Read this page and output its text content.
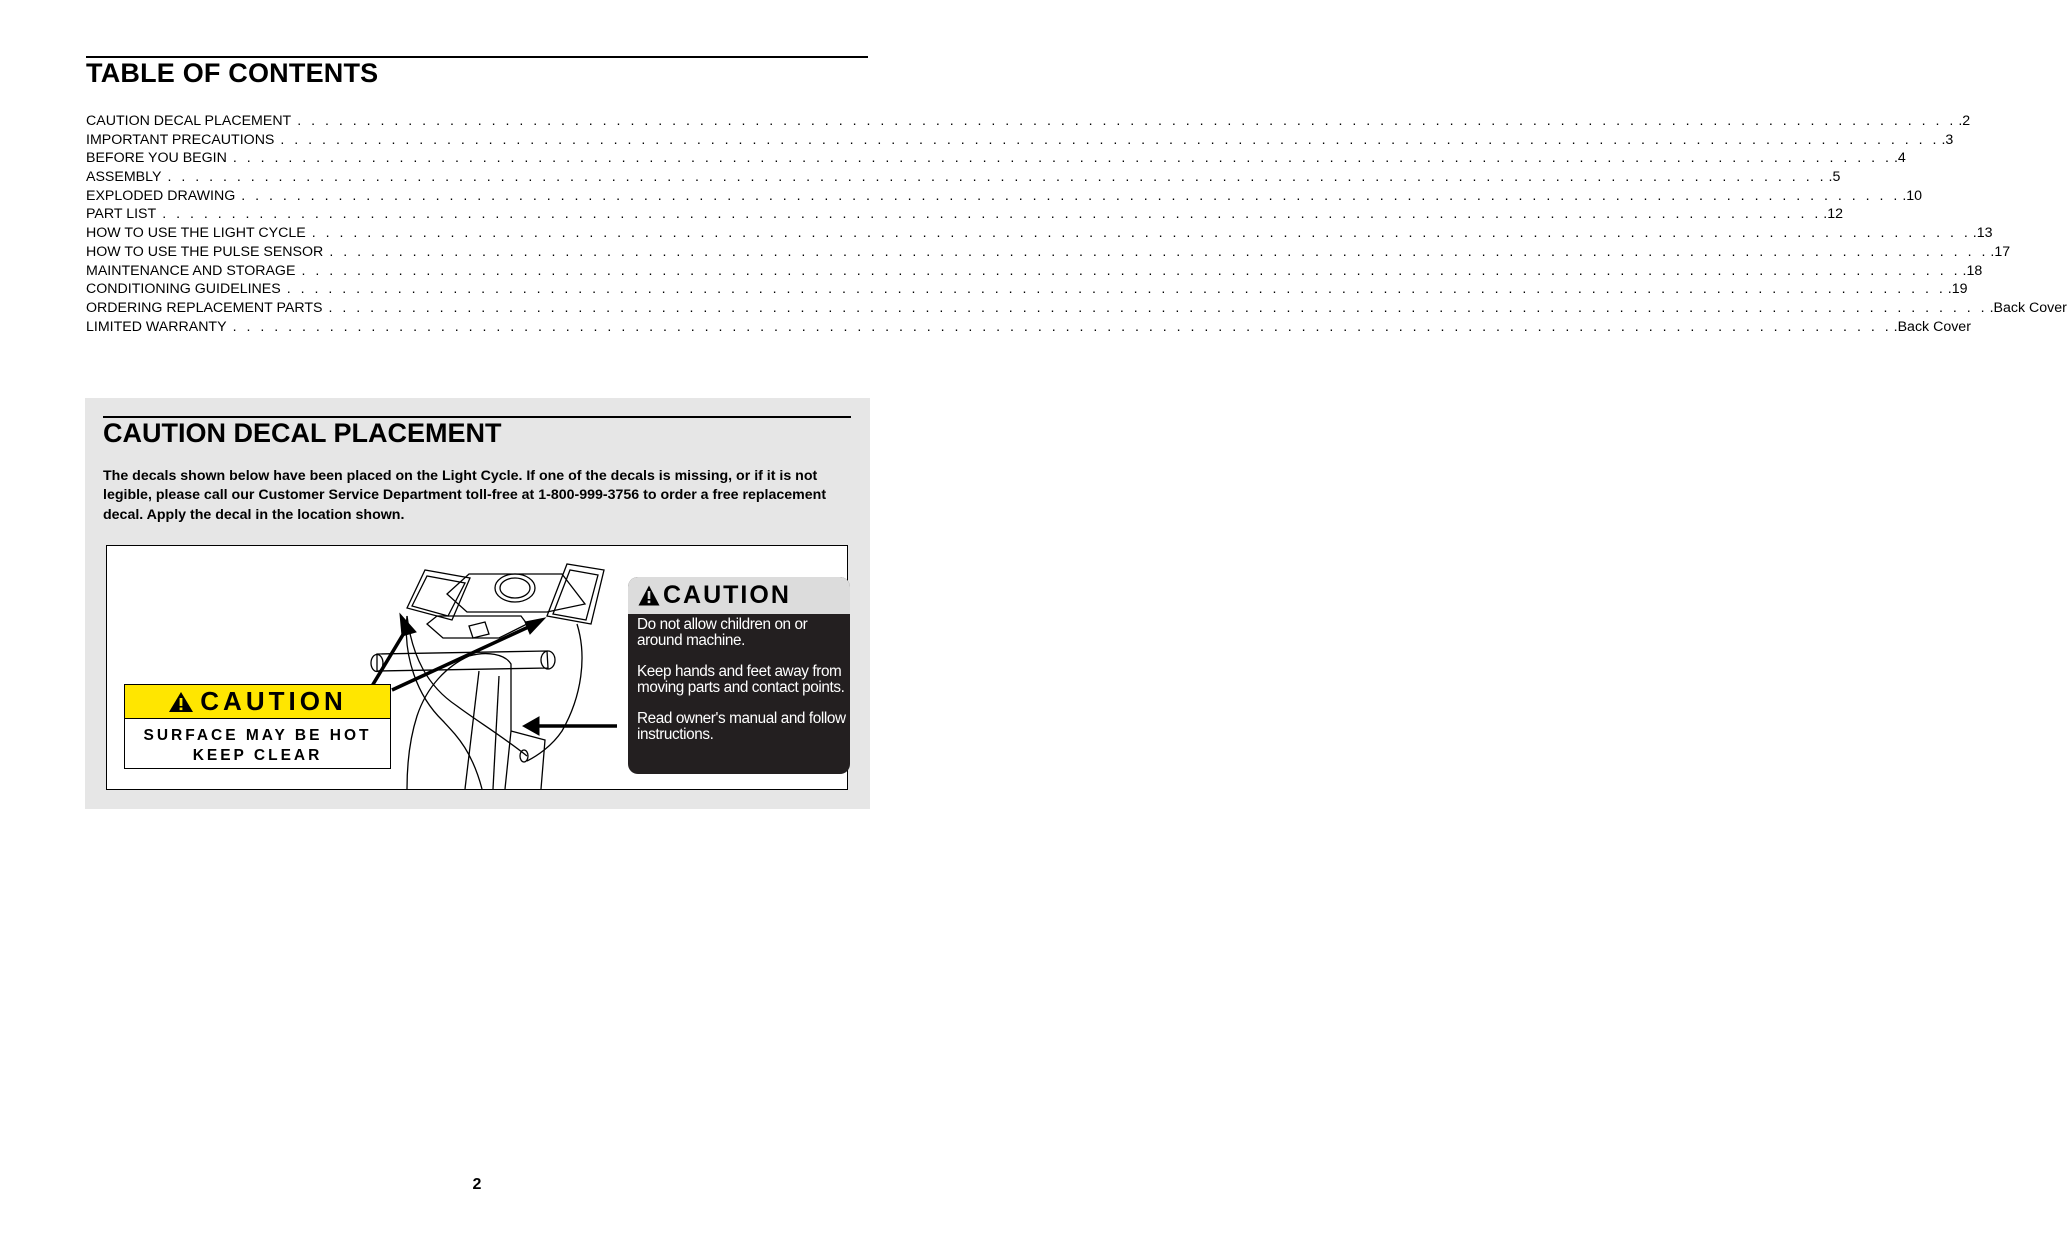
TABLE OF CONTENTS
CAUTION DECAL PLACEMENT . . . . . . . . . . . . . . . . . . . . . . . . . . . . . . . . . . . . . . . . . . . . . . . . . . . . . . . . . . . . . . . . . . . . . . . . . . . . . . . . . . . . . . . . . . . . . . . . . . . . . . . . . . . . . . . . . . . . . . . . .2
IMPORTANT PRECAUTIONS . . . . . . . . . . . . . . . . . . . . . . . . . . . . . . . . . . . . . . . . . . . . . . . . . . . . . . . . . . . . . . . . . . . . . . . . . . . . . . . . . . . . . . . . . . . . . . . . . . . . . . . . . . . . . . . . . . . . . . . . .3
BEFORE YOU BEGIN . . . . . . . . . . . . . . . . . . . . . . . . . . . . . . . . . . . . . . . . . . . . . . . . . . . . . . . . . . . . . . . . . . . . . . . . . . . . . . . . . . . . . . . . . . . . . . . . . . . . . . . . . . . . . . . . . . . . . . . . .4
ASSEMBLY . . . . . . . . . . . . . . . . . . . . . . . . . . . . . . . . . . . . . . . . . . . . . . . . . . . . . . . . . . . . . . . . . . . . . . . . . . . . . . . . . . . . . . . . . . . . . . . . . . . . . . . . . . . . . . . . . . . . . . . . .5
EXPLODED DRAWING . . . . . . . . . . . . . . . . . . . . . . . . . . . . . . . . . . . . . . . . . . . . . . . . . . . . . . . . . . . . . . . . . . . . . . . . . . . . . . . . . . . . . . . . . . . . . . . . . . . . . . . . . . . . . . . . . . . . . . . . .10
PART LIST . . . . . . . . . . . . . . . . . . . . . . . . . . . . . . . . . . . . . . . . . . . . . . . . . . . . . . . . . . . . . . . . . . . . . . . . . . . . . . . . . . . . . . . . . . . . . . . . . . . . . . . . . . . . . . . . . . . . . . . . .12
HOW TO USE THE LIGHT CYCLE . . . . . . . . . . . . . . . . . . . . . . . . . . . . . . . . . . . . . . . . . . . . . . . . . . . . . . . . . . . . . . . . . . . . . . . . . . . . . . . . . . . . . . . . . . . . . . . . . . . . . . . . . . . . . . . . . . . . . . . . .13
HOW TO USE THE PULSE SENSOR . . . . . . . . . . . . . . . . . . . . . . . . . . . . . . . . . . . . . . . . . . . . . . . . . . . . . . . . . . . . . . . . . . . . . . . . . . . . . . . . . . . . . . . . . . . . . . . . . . . . . . . . . . . . . . . . . . . . . . . . .17
MAINTENANCE AND STORAGE . . . . . . . . . . . . . . . . . . . . . . . . . . . . . . . . . . . . . . . . . . . . . . . . . . . . . . . . . . . . . . . . . . . . . . . . . . . . . . . . . . . . . . . . . . . . . . . . . . . . . . . . . . . . . . . . . . . . . . . . .18
CONDITIONING GUIDELINES . . . . . . . . . . . . . . . . . . . . . . . . . . . . . . . . . . . . . . . . . . . . . . . . . . . . . . . . . . . . . . . . . . . . . . . . . . . . . . . . . . . . . . . . . . . . . . . . . . . . . . . . . . . . . . . . . . . . . . . . .19
ORDERING REPLACEMENT PARTS . . . . . . . . . . . . . . . . . . . . . . . . . . . . . . . . . . . . . . . . . . . . . . . . . . . . . . . . . . . . . . . . . . . . . . . . . . . . . . . . . . . . . . . . . . . . . . . . . . . . . . . . . . . . . . . . . . . . . . . . .Back Cover
LIMITED WARRANTY . . . . . . . . . . . . . . . . . . . . . . . . . . . . . . . . . . . . . . . . . . . . . . . . . . . . . . . . . . . . . . . . . . . . . . . . . . . . . . . . . . . . . . . . . . . . . . . . . . . . . . . . . . . . . . . . . . . . . . . . .Back Cover
CAUTION DECAL PLACEMENT

The decals shown below have been placed on the Light Cycle. If one of the decals is missing, or if it is not legible, please call our Customer Service Department toll-free at 1-800-999-3756 to order a free replacement decal. Apply the decal in the location shown.

CAUTION
SURFACE MAY BE HOT
KEEP CLEAR
CAUTION

Do not allow children on or around machine.

Keep hands and feet away from moving parts and contact points.

Read owner's manual and follow instructions.

2
